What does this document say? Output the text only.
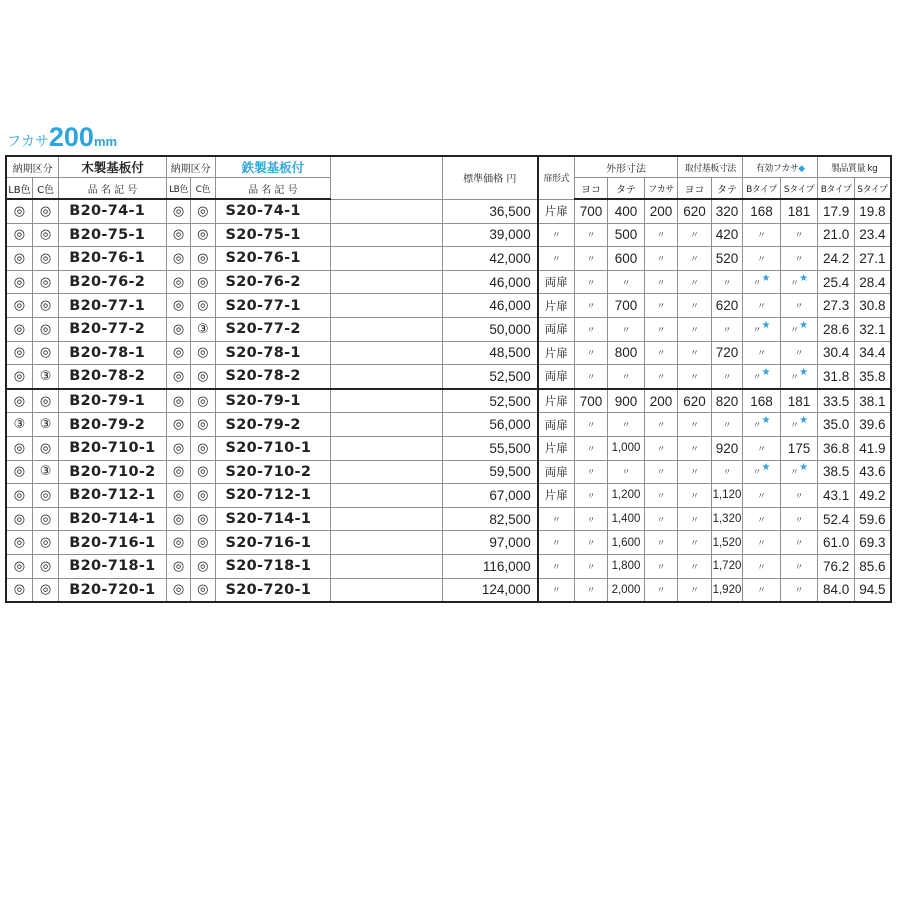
フカサ200mm
納期区分		木製基板付	納期区分		鉄製基板付		標準価格 円	扉形式	外形寸法			取付基板寸法		有効フカサ◆		製品質量 kg	
LB色	C色	品 名 記 号	LB色	C色	品 名 記 号				ヨコ	タテ	フカサ	ヨコ	タテ	Bタイプ	Sタイプ	Bタイプ	Sタイプ
◎	◎	B20-74-1	◎	◎	S20-74-1		36,500	片扉	700	400	200	620	320	168	181	17.9	19.8
◎	◎	B20-75-1	◎	◎	S20-75-1		39,000	〃	〃	500	〃	〃	420	〃	〃	21.0	23.4
◎	◎	B20-76-1	◎	◎	S20-76-1		42,000	〃	〃	600	〃	〃	520	〃	〃	24.2	27.1
◎	◎	B20-76-2	◎	◎	S20-76-2		46,000	両扉	〃	〃	〃	〃	〃	〃★	〃★	25.4	28.4
◎	◎	B20-77-1	◎	◎	S20-77-1		46,000	片扉	〃	700	〃	〃	620	〃	〃	27.3	30.8
◎	◎	B20-77-2	◎	③	S20-77-2		50,000	両扉	〃	〃	〃	〃	〃	〃★	〃★	28.6	32.1
◎	◎	B20-78-1	◎	◎	S20-78-1		48,500	片扉	〃	800	〃	〃	720	〃	〃	30.4	34.4
◎	③	B20-78-2	◎	◎	S20-78-2		52,500	両扉	〃	〃	〃	〃	〃	〃★	〃★	31.8	35.8
◎	◎	B20-79-1	◎	◎	S20-79-1		52,500	片扉	700	900	200	620	820	168	181	33.5	38.1
③	③	B20-79-2	◎	◎	S20-79-2		56,000	両扉	〃	〃	〃	〃	〃	〃★	〃★	35.0	39.6
◎	◎	B20-710-1	◎	◎	S20-710-1		55,500	片扉	〃	1,000	〃	〃	920	〃	175	36.8	41.9
◎	③	B20-710-2	◎	◎	S20-710-2		59,500	両扉	〃	〃	〃	〃	〃	〃★	〃★	38.5	43.6
◎	◎	B20-712-1	◎	◎	S20-712-1		67,000	片扉	〃	1,200	〃	〃	1,120	〃	〃	43.1	49.2
◎	◎	B20-714-1	◎	◎	S20-714-1		82,500	〃	〃	1,400	〃	〃	1,320	〃	〃	52.4	59.6
◎	◎	B20-716-1	◎	◎	S20-716-1		97,000	〃	〃	1,600	〃	〃	1,520	〃	〃	61.0	69.3
◎	◎	B20-718-1	◎	◎	S20-718-1		116,000	〃	〃	1,800	〃	〃	1,720	〃	〃	76.2	85.6
◎	◎	B20-720-1	◎	◎	S20-720-1		124,000	〃	〃	2,000	〃	〃	1,920	〃	〃	84.0	94.5
